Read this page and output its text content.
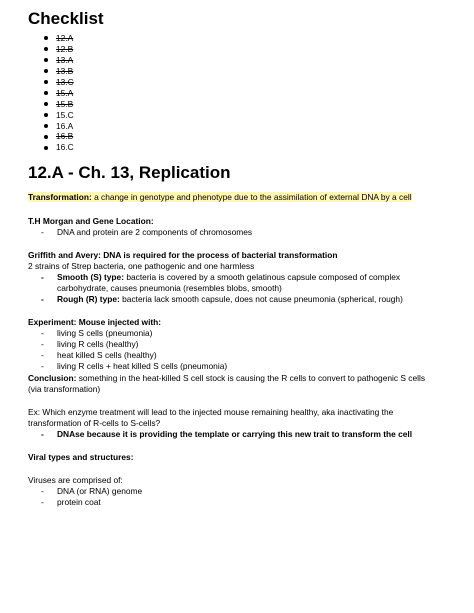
Checklist
12.A
12.B
13.A
13.B
13.C
15.A
15.B
15.C
16.A
16.B
16.C
12.A - Ch. 13, Replication
Transformation: a change in genotype and phenotype due to the assimilation of external DNA by a cell
T.H Morgan and Gene Location:
- DNA and protein are 2 components of chromosomes
Griffith and Avery: DNA is required for the process of bacterial transformation
2 strains of Strep bacteria, one pathogenic and one harmless
- Smooth (S) type: bacteria is covered by a smooth gelatinous capsule composed of complex
carbohydrate, causes pneumonia (resembles blobs, smooth)
- Rough (R) type: bacteria lack smooth capsule, does not cause pneumonia (spherical, rough)
Experiment: Mouse injected with:
- living S cells (pneumonia)
- living R cells (healthy)
- heat killed S cells (healthy)
- living R cells + heat killed S cells (pneumonia)
Conclusion: something in the heat-killed S cell stock is causing the R cells to convert to pathogenic S cells
(via transformation)
Ex: Which enzyme treatment will lead to the injected mouse remaining healthy, aka inactivating the
transformation of R-cells to S-cells?
- DNAse because it is providing the template or carrying this new trait to transform the cell
Viral types and structures:
Viruses are comprised of:
- DNA (or RNA) genome
- protein coat
